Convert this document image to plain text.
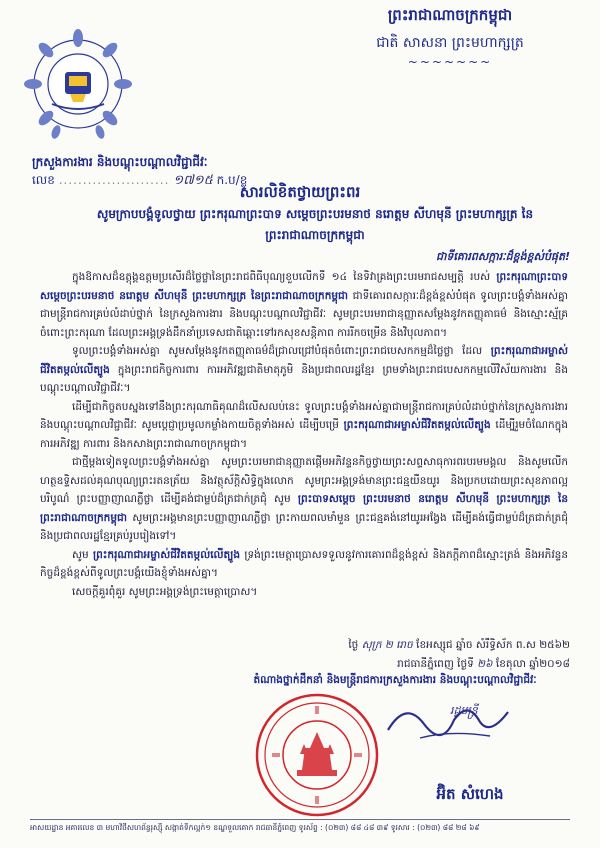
ព្រះរាជាណាចក្រកម្ពុជា
ជាតិ សាសនា ព្រះមហាក្សត្រ
~~~~~~~
ក្រសួងការងារ និងបណ្តុះបណ្តាលវិជ្ជាជីវៈ
លេខ ....................... ១៧១៥ ក.ប/ខ្ល
សារលិខិតថ្វាយព្រះពរ
សូមក្រាបបង្គំទូលថ្វាយ ព្រះករុណាព្រះបាទ សម្តេចព្រះបរមនាថ នរោត្តម សីហមុនី ព្រះមហាក្សត្រ នៃព្រះរាជាណាចក្រកម្ពុជា
ជាទីគោរពសក្ការៈដ៏ខ្ពង់ខ្ពស់បំផុត!

ក្នុងឱកាសដ៏ឧត្តុង្គឧត្តមប្រសើរដ៏ថ្លៃថ្លានៃព្រះរាជពិធីបុណ្យខួបលើកទី ១៤ នៃទិវាគ្រងព្រះបរមរាជសម្បត្តិ របស់ ព្រះករុណាព្រះបាទ សម្តេចព្រះបរមនាថ នរោត្តម សីហមុនី ព្រះមហាក្សត្រ នៃព្រះរាជាណាចក្រកម្ពុជា ជាទីគោរពសក្ការៈដ៏ខ្ពង់ខ្ពស់បំផុត ទូលព្រះបង្គំទាំងអស់គ្នាជាមន្ត្រីរាជការគ្រប់លំដាប់ថ្នាក់ នៃក្រសួងការងារ និងបណ្តុះបណ្តាលវិជ្ជាជីវៈ សូមព្រះបរមរាជានុញ្ញាតសម្តែងនូវកតញ្ញុតាធម៌ និងស្មោះស្ម័គ្រចំពោះព្រះករុណា ដែលព្រះអង្គទ្រង់ដឹកនាំប្រទេសជាតិឆ្ពោះទៅរកសុខសន្តិភាព ការរីកចម្រើន និងវិបុលភាព។

ទូលព្រះបង្គំទាំងអស់គ្នា សូមសម្តែងនូវកតញ្ញុតាធម៌ដ៏ជ្រាលជ្រៅបំផុតចំពោះព្រះរាជបេសកកម្មដ៏ថ្លៃថ្លា ដែល ព្រះករុណាជាអម្ចាស់ជីវិតតម្កល់លើត្បូង ក្នុងព្រះរាជកិច្ចការពារ ការអភិវឌ្ឍជាតិមាតុភូមិ និងប្រជាពលរដ្ឋខ្មែរ ព្រមទាំងព្រះរាជបេសកកម្មលើវិស័យការងារ និងបណ្តុះបណ្តាលវិជ្ជាជីវៈ។

ដើម្បីជាកិច្ចតបស្នងទៅនឹងព្រះករុណាធិគុណដ៏លើសលប់នេះ ទូលព្រះបង្គំទាំងអស់គ្នាជាមន្ត្រីរាជការគ្រប់លំដាប់ថ្នាក់នៃក្រសួងការងារ និងបណ្តុះបណ្តាលវិជ្ជាជីវៈ សូមប្តេជ្ញាប្រមូលកម្លាំងកាយចិត្តទាំងអស់ ដើម្បីបម្រើ ព្រះករុណាជាអម្ចាស់ជីវិតតម្កល់លើត្បូង ដើម្បីរួមចំណែកក្នុងការអភិវឌ្ឍ ការពារ និងកសាងព្រះរាជាណាចក្រកម្ពុជា។

ជាថ្មីម្តងទៀតទូលព្រះបង្គំទាំងអស់គ្នា សូមព្រះបរមរាជានុញ្ញាតផ្តើមអភិវន្ទនកិច្ចថ្វាយព្រះសព្ទសាធុការពរបរមមង្គល និងសូមលើកហត្ថឧទ្ទិសដល់គុណបុណ្យព្រះរតនត្រ័យ និងវត្ថុស័ក្តិសិទ្ធិក្នុងលោក សូមព្រះអង្គទ្រង់មានព្រះជន្មយឺនយូរ និងប្រកបដោយព្រះសុខភាពល្អបរិបូណ៌ ព្រះបញ្ញាញាណភ្លឺថ្លា ដើម្បីគង់ជាម្លប់ដ៏ត្រជាក់ត្រជុំ សូម ព្រះបាទសម្តេច ព្រះបរមនាថ នរោត្តម សីហមុនី ព្រះមហាក្សត្រ នៃព្រះរាជាណាចក្រកម្ពុជា សូមព្រះអង្គមានព្រះបញ្ញាញាណភ្លឺថ្លា ព្រះកាយពលមាំមួន ព្រះជន្មគង់នៅយូរអង្វែង ដើម្បីគង់ធ្វើជាម្លប់ដ៏ត្រជាក់ត្រជុំ និងប្រជាពលរដ្ឋខ្មែរគ្រប់រូបរៀងទៅ។

សូម ព្រះករុណាជាអម្ចាស់ជីវិតតម្កល់លើត្បូង ទ្រង់ព្រះមេត្តាប្រោសទទួលនូវការគោរពដ៏ខ្ពង់ខ្ពស់ និងភក្តីភាពដ៏ស្មោះត្រង់ និងអភិវន្ទនកិច្ចដ៏ខ្ពង់ខ្ពស់ពីទូលព្រះបង្គំយើងខ្ញុំទាំងអស់គ្នា។

សេចក្តីគួរពុំគួរ សូមព្រះអង្គទ្រង់ព្រះមេត្តាប្រោស។

ថ្ងៃ សុក្រ ២ រោច ខែអស្សុជ ឆ្នាំច សំរឹទ្ធិស័ក ព.ស ២៥៦២
រាជធានីភ្នំពេញ ថ្ងៃទី ២៦ ខែតុលា ឆ្នាំ២០១៨
តំណាងថ្នាក់ដឹកនាំ និងមន្ត្រីរាជការក្រសួងការងារ និងបណ្តុះបណ្តាលវិជ្ជាជីវៈ
រដ្ឋមន្ត្រី
អ៊ិត សំហេង
អាសយដ្ឋាន អគារលេខ ៣ មហាវិថីសហព័ន្ធរុស្ស៊ី សង្កាត់ទឹកល្អក់១ ខណ្ឌទួលគោក រាជធានីភ្នំពេញ ទូរស័ព្ទ : (០២៣) ៨៨ ៤៨ ៣៩ ទូរសារ : (០២៣) ៨៨ ២៨ ៦៩
